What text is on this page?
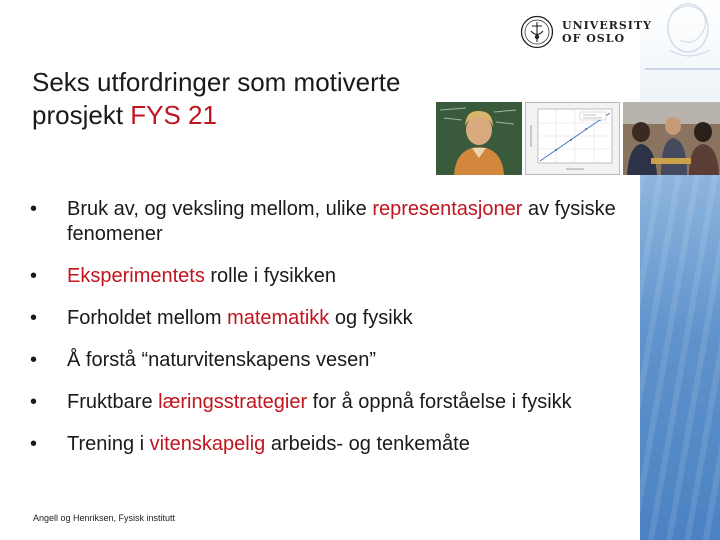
UNIVERSITY
OF OSLO
Seks utfordringer som motiverte
prosjekt FYS 21
•	Bruk av, og veksling mellom, ulike representasjoner av fysiske fenomener
•	Eksperimentets rolle i fysikken
•	Forholdet mellom matematikk og fysikk
•	Å forstå “naturvitenskapens vesen”
•	Fruktbare læringsstrategier for å oppnå forståelse i fysikk
•	Trening i vitenskapelig arbeids- og tenkemåte
Angell og Henriksen, Fysisk institutt
